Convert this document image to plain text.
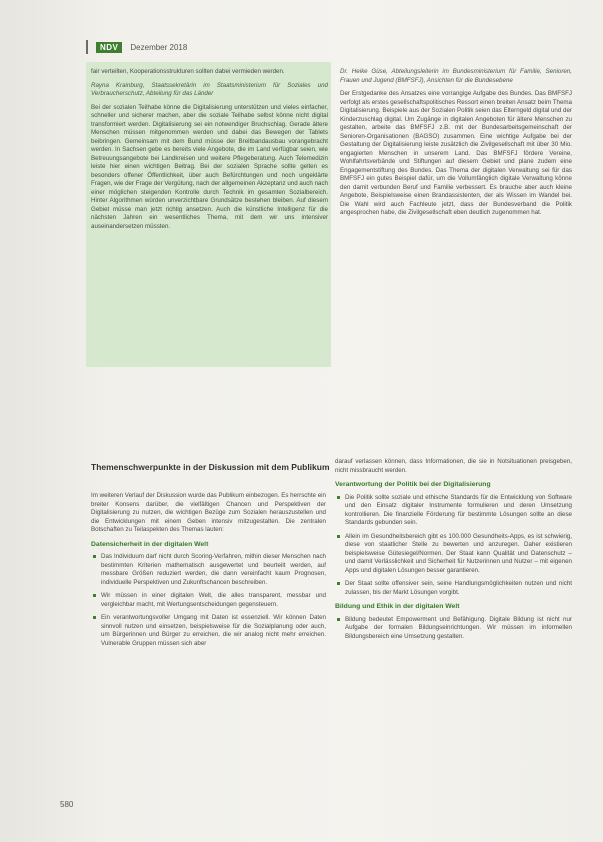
NDV	Dezember 2018

fair verteilten, Kooperationsstrukturen sollten dabei vermieden werden.

Rayna Krainburg, Staatssekretärin im Staatsministerium für Soziales und Verbraucherschutz, Abteilung für das Länder

Bei der sozialen Teilhabe könne die Digitalisierung unterstützen und vieles einfacher, schneller und sicherer machen, aber die soziale Teilhabe selbst könne nicht digital transformiert werden. Digitalisierung sei ein notwendiger Bruchschlag. Gerade ältere Menschen müssen mitgenommen werden und dabei das Bewegen der Tablets beibringen. Gemeinsam mit dem Bund müsse der Breitbandausbau vorangebracht werden. In Sachsen gebe es bereits viele Angebote, die im Land verfügbar seien, wie Betreuungsangebote bei Landkreisen und weitere Pflegeberatung. Auch Telemedizin leiste hier einen wichtigen Beitrag. Bei der sozialen Sprache sollte gelten es besonders offener Öffentlichkeit, über auch Befürchtungen und noch ungeklärte Fragen, wie der Frage der Vergütung, nach der allgemeinen Akzeptanz und auch nach einer möglichen steigenden Kontrolle durch Technik im gesamten Sozialbereich. Hinter Algorithmen würden unverzichtbare Grundsätze bestehen bleiben. Auf diesem Gebiet müsse man jetzt richtig ansetzen. Auch die künstliche Intelligenz für die nächsten Jahren ein wesentliches Thema, mit dem wir uns intensiver auseinandersetzen müssten.

Dr. Heike Güse, Abteilungsleiterin im Bundesministerium für Familie, Senioren, Frauen und Jugend (BMFSFJ), Ansichten für die Bundesebene

Der Erstgedanke des Ansatzes eine vorrangige Aufgabe des Bundes. Das BMFSFJ verfolgt als erstes gesellschaftspolitisches Ressort einen breiten Ansatz beim Thema Digitalisierung. Beispiele aus der Sozialen Politik seien das Elterngeld digital und der Kinderzuschlag digital. Um Zugänge in digitalen Angeboten für ältere Menschen zu gestalten, arbeite das BMFSFJ z.B. mit der Bundesarbeitsgemeinschaft der Senioren-Organisationen (BAGSO) zusammen. Eine wichtige Aufgabe bei der Gestaltung der Digitalisierung leiste zusätzlich die Zivilgesellschaft mit über 30 Mio. engagierten Menschen in unserem Land. Das BMFSFJ fördere Vereine, Wohlfahrtsverbände und Stiftungen auf diesem Gebiet und plane zudem eine Engagementstiftung des Bundes. Das Thema der digitalen Verwaltung sei für das BMFSFJ ein gutes Beispiel dafür, um die Vollumfänglich digitale Verwaltung könne den damit verbunden Beruf und Familie verbessert. Es brauche aber auch kleine Angebote, Beispielsweise einen Brandassistenten, der als Wissen im Wandel bei. Die Wahl wird auch Fachleute jetzt, dass der Bundesverband die Politik angesprochen habe, die Zivilgesellschaft eben deutlich zugenommen hat.

Themenschwerpunkte in der Diskussion mit dem Publikum

Im weiteren Verlauf der Diskussion wurde das Publikum einbezogen. Es herrschte ein breiter Konsens darüber, die vielfältigen Chancen und Perspektiven der Digitalisierung zu nutzen, die wichtigen Bezüge zum Sozialen herauszustellen und die Entwicklungen mit einem Geben intensiv mitzugestalten. Die zentralen Botschaften zu Teilaspekten des Themas lauten:

Datensicherheit in der digitalen Welt
Das Individuum darf nicht durch Scoring-Verfahren, mithin dieser Menschen nach bestimmten Kriterien mathematisch ausgewertet und beurteilt werden, auf messbare Größen reduziert werden, die dann vereinfacht kaum Prognosen, individuelle Perspektiven und Zukunftschancen beschreiben.
Wir müssen in einer digitalen Welt, die alles transparent, messbar und vergleichbar macht, mit Wertungsentscheidungen gegensteuern.
Ein verantwortungsvoller Umgang mit Daten ist essenziell. Wir können Daten sinnvoll nutzen und einsetzen, beispielsweise für die Sozialplanung oder auch, um Bürgerinnen und Bürger zu erreichen, die wir analog nicht mehr erreichen. Vulnerable Gruppen müssen sich aber

darauf verlassen können, dass Informationen, die sie in Notsituationen preisgeben, nicht missbraucht werden.

Verantwortung der Politik bei der Digitalisierung
Die Politik sollte soziale und ethische Standards für die Entwicklung von Software und den Einsatz digitaler Instrumente formulieren und deren Umsetzung kontrollieren. Die finanzielle Förderung für bestimmte Lösungen sollte an diese Standards gebunden sein.
Allein im Gesundheitsbereich gibt es 100.000 Gesundheits-Apps, es ist schwierig, diese von staatlicher Stelle zu bewerten und anzuregen. Daher existieren beispielsweise Gütesiegel/Normen. Der Staat kann Qualität und Datenschutz – und damit Verlässlichkeit und Sicherheit für Nutzerinnen und Nutzer – mit eigenen Apps und digitalen Lösungen besser garantieren.
Der Staat sollte offensiver sein, seine Handlungsmöglichkeiten nutzen und nicht zulassen, bis der Markt Lösungen vorgibt.
Bildung und Ethik in der digitalen Welt
Bildung bedeutet Empowerment und Befähigung. Digitale Bildung ist nicht nur Aufgabe der formalen Bildungseinrichtungen. Wir müssen im informellen Bildungsbereich eine Umsetzung gestalten.
580
